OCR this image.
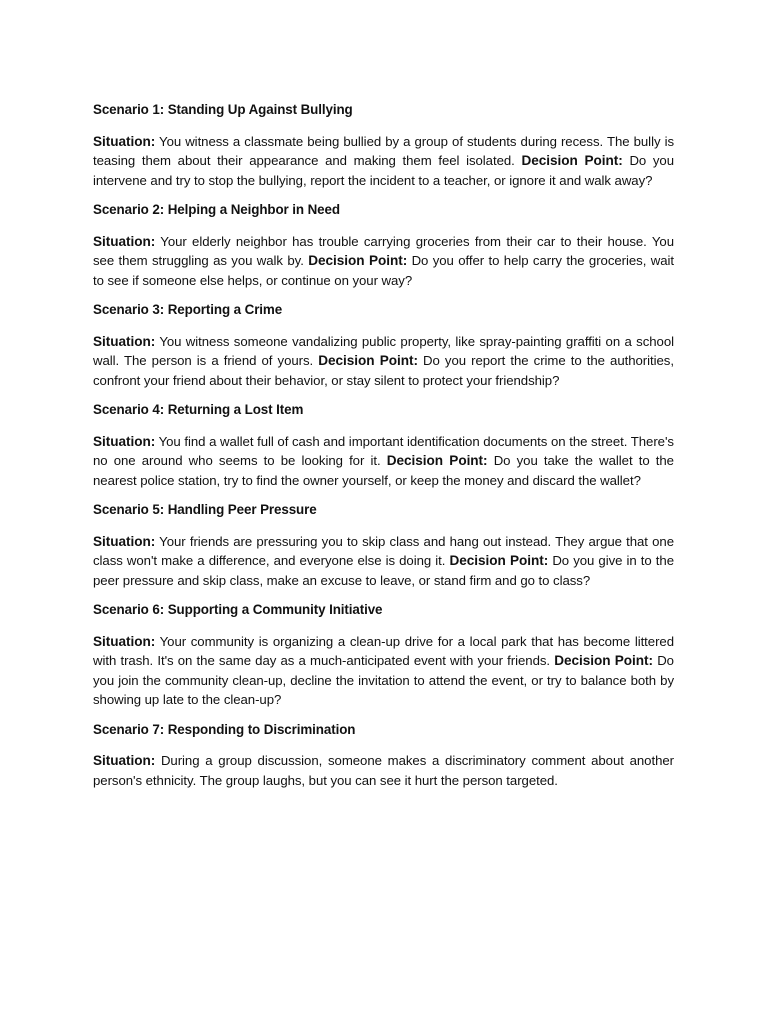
Scenario 1: Standing Up Against Bullying

Situation: You witness a classmate being bullied by a group of students during recess. The bully is teasing them about their appearance and making them feel isolated. Decision Point: Do you intervene and try to stop the bullying, report the incident to a teacher, or ignore it and walk away?

Scenario 2: Helping a Neighbor in Need

Situation: Your elderly neighbor has trouble carrying groceries from their car to their house. You see them struggling as you walk by. Decision Point: Do you offer to help carry the groceries, wait to see if someone else helps, or continue on your way?

Scenario 3: Reporting a Crime

Situation: You witness someone vandalizing public property, like spray-painting graffiti on a school wall. The person is a friend of yours. Decision Point: Do you report the crime to the authorities, confront your friend about their behavior, or stay silent to protect your friendship?

Scenario 4: Returning a Lost Item

Situation: You find a wallet full of cash and important identification documents on the street. There's no one around who seems to be looking for it. Decision Point: Do you take the wallet to the nearest police station, try to find the owner yourself, or keep the money and discard the wallet?

Scenario 5: Handling Peer Pressure

Situation: Your friends are pressuring you to skip class and hang out instead. They argue that one class won't make a difference, and everyone else is doing it. Decision Point: Do you give in to the peer pressure and skip class, make an excuse to leave, or stand firm and go to class?

Scenario 6: Supporting a Community Initiative

Situation: Your community is organizing a clean-up drive for a local park that has become littered with trash. It's on the same day as a much-anticipated event with your friends. Decision Point: Do you join the community clean-up, decline the invitation to attend the event, or try to balance both by showing up late to the clean-up?

Scenario 7: Responding to Discrimination

Situation: During a group discussion, someone makes a discriminatory comment about another person's ethnicity. The group laughs, but you can see it hurt the person targeted.
